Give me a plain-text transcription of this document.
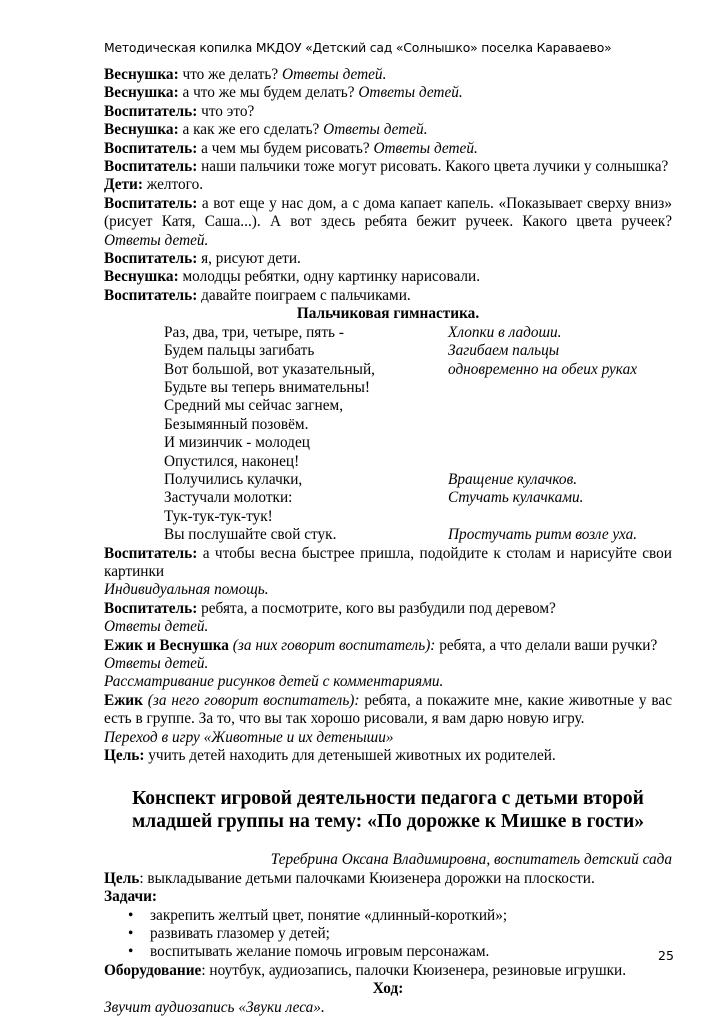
Методическая копилка МКДОУ «Детский сад «Солнышко» поселка Караваево»

Веснушка: что же делать? Ответы детей.

Веснушка: а что же мы будем делать? Ответы детей.

Воспитатель: что это?

Веснушка: а как же его сделать? Ответы детей.

Воспитатель: а чем мы будем рисовать? Ответы детей.

Воспитатель: наши пальчики тоже могут рисовать. Какого цвета лучики у солнышка?

Дети: желтого.

Воспитатель: а вот еще у нас дом, а с дома капает капель. «Показывает сверху вниз» (рисует Катя, Саша...). А вот здесь ребята бежит ручеек. Какого цвета ручеек? Ответы детей.

Воспитатель: я, рисуют дети.

Веснушка: молодцы ребятки, одну картинку нарисовали.

Воспитатель: давайте поиграем с пальчиками.

Пальчиковая гимнастика.

Раз, два, три, четыре, пять -	Хлопки в ладоши.
Будем пальцы загибать	Загибаем пальцы
Вот большой, вот указательный,	одновременно на обеих руках
Будьте вы теперь внимательны!
Средний мы сейчас загнем,
Безымянный позовём.
И мизинчик - молодец
Опустился, наконец!
Получились кулачки,	Вращение кулачков.
Застучали молотки:	Стучать кулачками.
Тук-тук-тук-тук!
Вы послушайте свой стук.	Простучать ритм возле уха.

Воспитатель: а чтобы весна быстрее пришла, подойдите к столам и нарисуйте свои картинки

Индивидуальная помощь.

Воспитатель: ребята, а посмотрите, кого вы разбудили под деревом?

Ответы детей.

Ежик и Веснушка (за них говорит воспитатель): ребята, а что делали ваши ручки?

Ответы детей.

Рассматривание рисунков детей с комментариями.

Ежик (за него говорит воспитатель): ребята, а покажите мне, какие животные у вас есть в группе. За то, что вы так хорошо рисовали, я вам дарю новую игру.

Переход в игру «Животные и их детеныши»

Цель: учить детей находить для детенышей животных их родителей.

Конспект игровой деятельности педагога с детьми второй младшей группы на тему: «По дорожке к Мишке в гости»

Теребрина Оксана Владимировна, воспитатель детский сада

Цель: выкладывание детьми палочками Кюизенера дорожки на плоскости.

Задачи:

• закрепить желтый цвет, понятие «длинный-короткий»;
• развивать глазомер у детей;
• воспитывать желание помочь игровым персонажам.

Оборудование: ноутбук, аудиозапись, палочки Кюизенера, резиновые игрушки.

Ход:

Звучит аудиозапись «Звуки леса».

25
